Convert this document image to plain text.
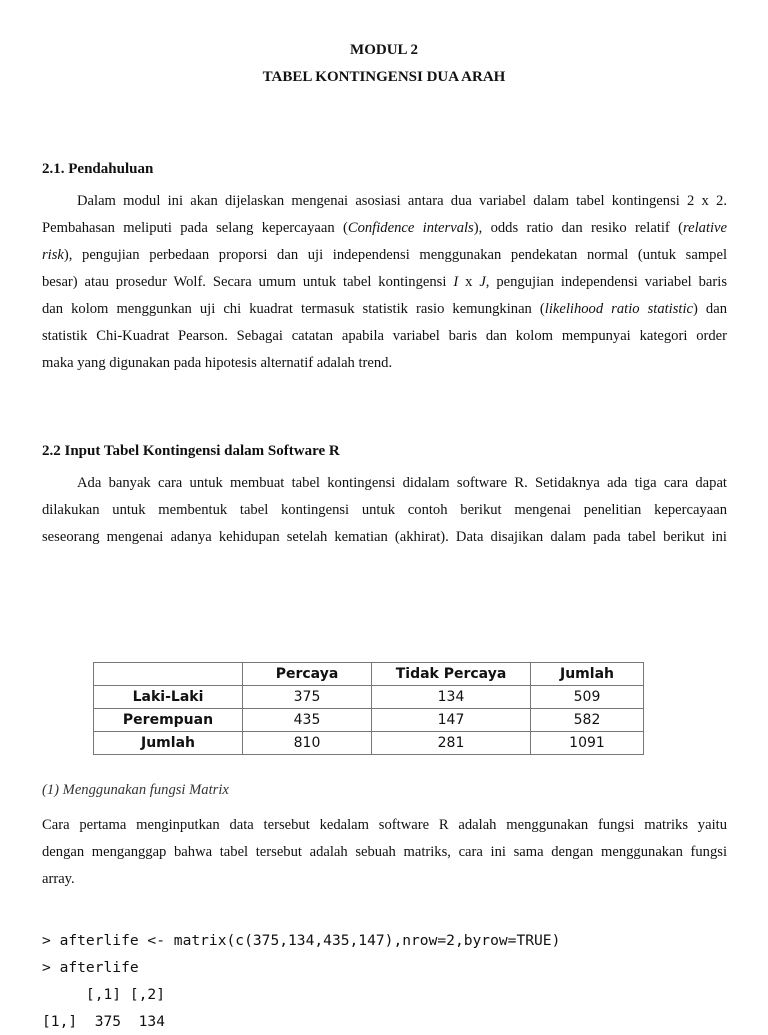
MODUL 2
TABEL KONTINGENSI DUA ARAH
2.1. Pendahuluan
Dalam modul ini akan dijelaskan mengenai asosiasi antara dua variabel dalam tabel kontingensi 2 x 2.
Pembahasan meliputi pada selang kepercayaan (Confidence intervals), odds ratio dan resiko relatif (relative
risk), pengujian perbedaan proporsi dan uji independensi menggunakan pendekatan normal (untuk sampel
besar) atau prosedur Wolf. Secara umum untuk tabel kontingensi I x J, pengujian independensi variabel baris
dan kolom menggunkan uji chi kuadrat termasuk statistik rasio kemungkinan (likelihood ratio statistic) dan
statistik Chi-Kuadrat Pearson. Sebagai catatan apabila variabel baris dan kolom mempunyai kategori order
maka yang digunakan pada hipotesis alternatif adalah trend.
2.2 Input Tabel Kontingensi dalam Software R
Ada banyak cara untuk membuat tabel kontingensi didalam software R. Setidaknya ada tiga cara dapat
dilakukan untuk membentuk tabel kontingensi untuk contoh berikut mengenai penelitian kepercayaan
seseorang mengenai adanya kehidupan setelah kematian (akhirat). Data disajikan dalam pada tabel berikut ini
	Percaya	Tidak Percaya	Jumlah
Laki-Laki	375	134	509
Perempuan	435	147	582
Jumlah	810	281	1091
(1) Menggunakan fungsi Matrix
Cara pertama menginputkan data tersebut kedalam software R adalah menggunakan fungsi matriks yaitu
dengan menganggap bahwa tabel tersebut adalah sebuah matriks, cara ini sama dengan menggunakan fungsi
array.
> afterlife <- matrix(c(375,134,435,147),nrow=2,byrow=TRUE)
> afterlife
[,1] [,2]
[1,]  375  134
